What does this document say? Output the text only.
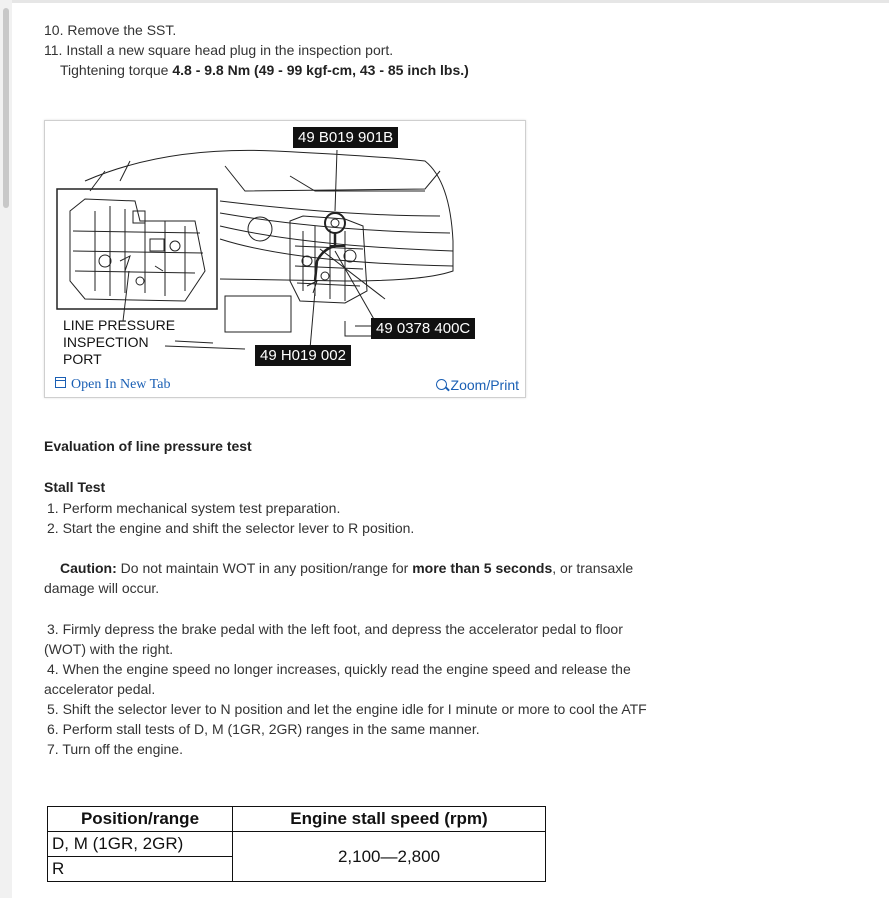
10. Remove the SST.
11. Install a new square head plug in the inspection port.
Tightening torque 4.8 - 9.8 Nm (49 - 99 kgf-cm, 43 - 85 inch lbs.)
49 B019 901B
49 0378 400C
49 H019 002
LINE PRESSURE
INSPECTION
PORT
Open In New Tab	Zoom/Print
Evaluation of line pressure test
Stall Test
1. Perform mechanical system test preparation.
2. Start the engine and shift the selector lever to R position.
Caution: Do not maintain WOT in any position/range for more than 5 seconds, or transaxle
damage will occur.
3. Firmly depress the brake pedal with the left foot, and depress the accelerator pedal to floor
(WOT) with the right.
4. When the engine speed no longer increases, quickly read the engine speed and release the
accelerator pedal.
5. Shift the selector lever to N position and let the engine idle for I minute or more to cool the ATF
6. Perform stall tests of D, M (1GR, 2GR) ranges in the same manner.
7. Turn off the engine.
Position/range	Engine stall speed (rpm)
D, M (1GR, 2GR)	2,100—2,800
R	
